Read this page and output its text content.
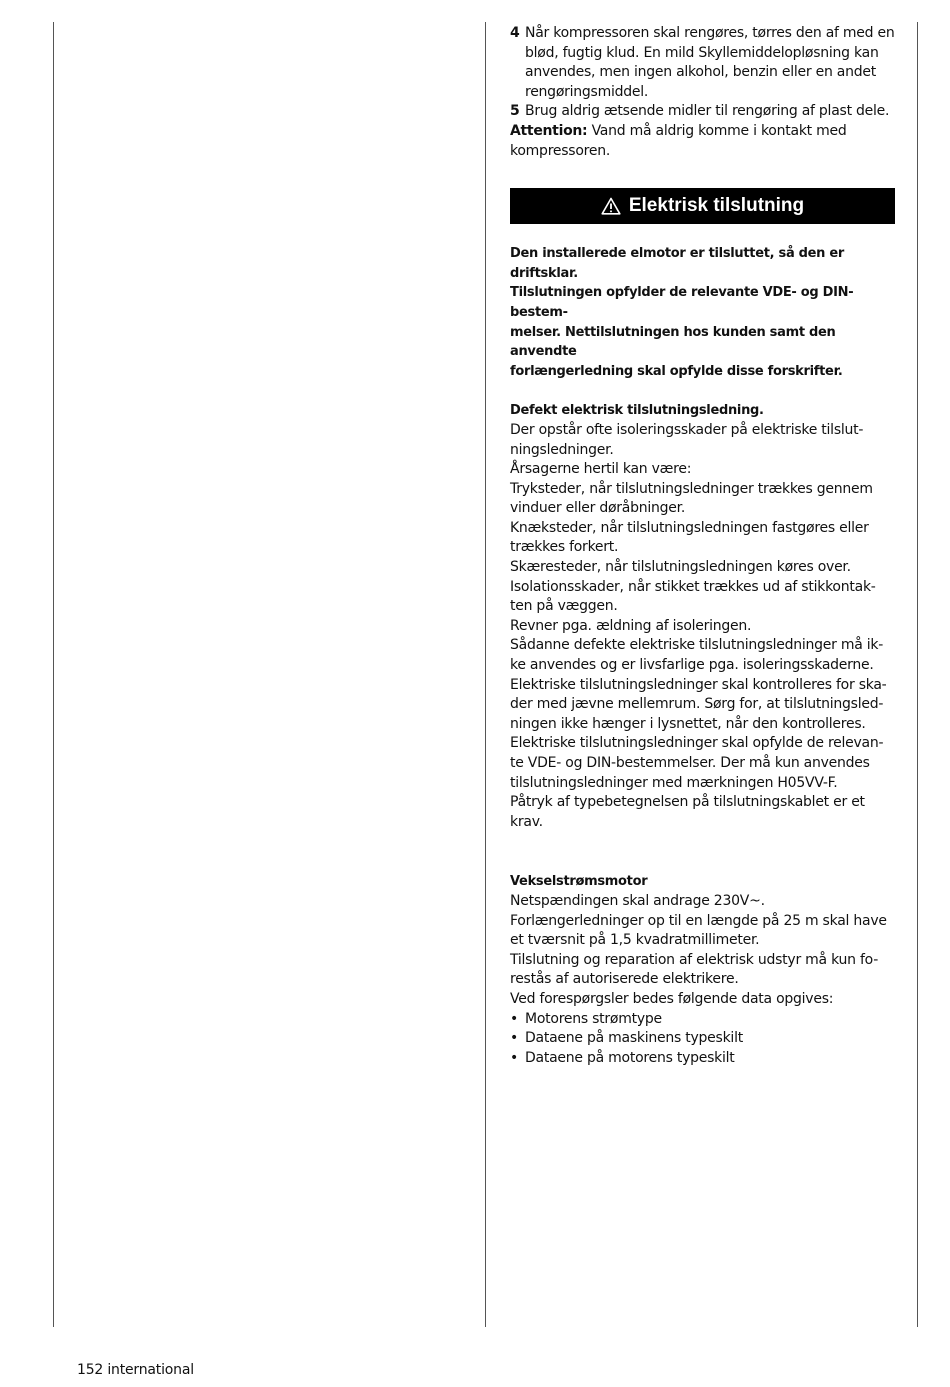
4 Når kompressoren skal rengøres, tørres den af med en blød, fugtig klud. En mild Skyllemiddelopløsning kan anvendes, men ingen alkohol, benzin eller en andet rengøringsmiddel.

5 Brug aldrig ætsende midler til rengøring af plast dele.

Attention: Vand må aldrig komme i kontakt med kompressoren.

Elektrisk tilslutning

Den installerede elmotor er tilsluttet, så den er driftsklar.

Tilslutningen opfylder de relevante VDE- og DIN-bestem-

melser. Nettilslutningen hos kunden samt den anvendte

forlængerledning skal opfylde disse forskrifter.

Defekt elektrisk tilslutningsledning.

Der opstår ofte isoleringsskader på elektriske tilslut-

ningsledninger.

Årsagerne hertil kan være:

Tryksteder, når tilslutningsledninger trækkes gennem

vinduer eller døråbninger.

Knæksteder, når tilslutningsledningen fastgøres eller

trækkes forkert.

Skæresteder, når tilslutningsledningen køres over.

Isolationsskader, når stikket trækkes ud af stikkontak-

ten på væggen.

Revner pga. ældning af isoleringen.

Sådanne defekte elektriske tilslutningsledninger må ik-

ke anvendes og er livsfarlige pga. isoleringsskaderne.

Elektriske tilslutningsledninger skal kontrolleres for ska-

der med jævne mellemrum. Sørg for, at tilslutningsled-

ningen ikke hænger i lysnettet, når den kontrolleres.

Elektriske tilslutningsledninger skal opfylde de relevan-

te VDE- og DIN-bestemmelser. Der må kun anvendes

tilslutningsledninger med mærkningen H05VV-F.

Påtryk af typebetegnelsen på tilslutningskablet er et

krav.

Vekselstrømsmotor

Netspændingen skal andrage 230V~.

Forlængerledninger op til en længde på 25 m skal have

et tværsnit på 1,5 kvadratmillimeter.

Tilslutning og reparation af elektrisk udstyr må kun fo-

restås af autoriserede elektrikere.

Ved forespørgsler bedes følgende data opgives:

• Motorens strømtype

• Dataene på maskinens typeskilt

• Dataene på motorens typeskilt

152 international
